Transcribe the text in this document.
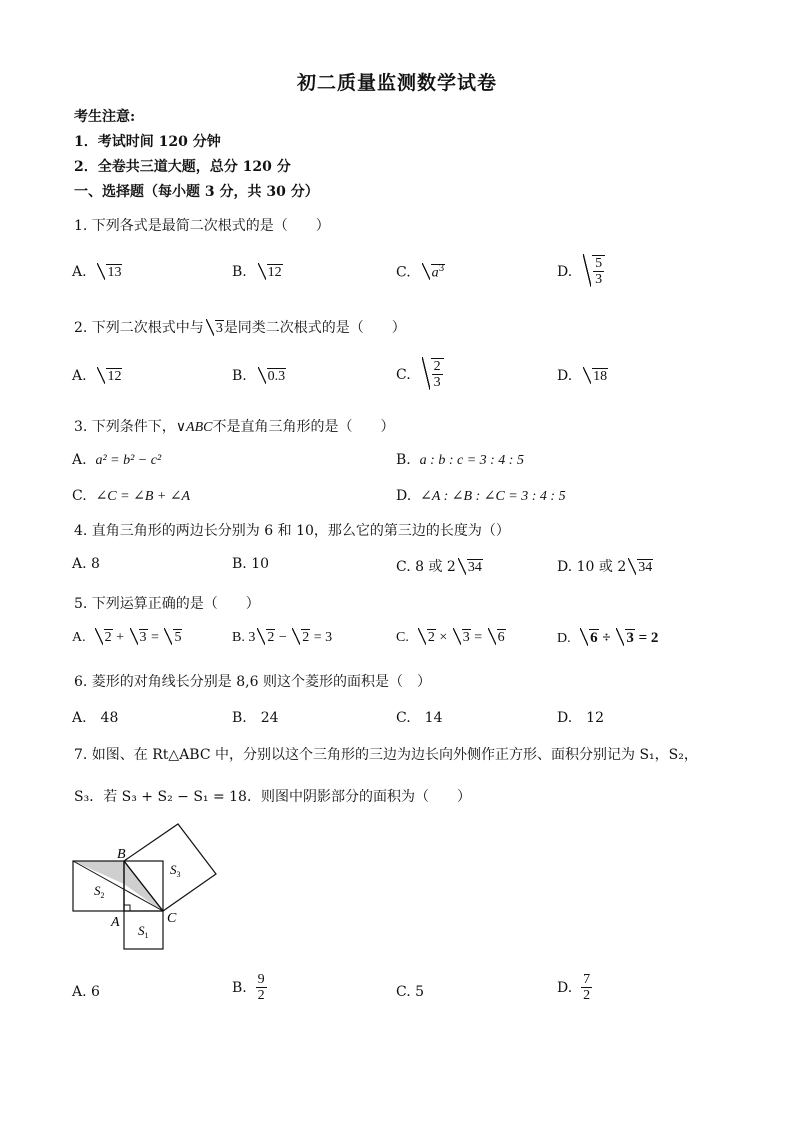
初二质量监测数学试卷
考生注意:
1．考试时间 120 分钟
2．全卷共三道大题，总分 120 分
一、选择题（每小题 3 分，共 30 分）
1. 下列各式是最简二次根式的是（　　）
A. 13	B. 12	C. $a^3$	D. $\frac{5}{3}$
2. 下列二次根式中与 3是同类二次根式的是（　　）
A. 12	B. 0.3	C. $\frac{2}{3}$	D. 18
3. 下列条件下，∨ABC不是直角三角形的是（　　）
A. a² = b² − c²	B. a : b : c = 3 : 4 : 5
C. ∠C = ∠B + ∠A	D. ∠A : ∠B : ∠C = 3 : 4 : 5
4. 直角三角形的两边长分别为 6 和 10，那么它的第三边的长度为（）
A. 8	B. 10	C. 8 或 2 34	D. 10 或 2 34
5. 下列运算正确的是（　　）
A. 2 + 3 = 5	B. 3 2 − 2 = 3	C. 2 × 3 = 6	D. 6 ÷ 3 = 2
6. 菱形的对角线长分别是 8,6 则这个菱形的面积是（　）
A.　48	B.　24	C.　14	D.　12
7. 如图、在 Rt△ABC 中，分别以这个三角形的三边为边长向外侧作正方形、面积分别记为 S₁，S₂，
S₃．若 S₃ + S₂ − S₁ = 18．则图中阴影部分的面积为（　　）
B
A	C
$S_2$
$S_1$
$S_3$
A. 6	B. $\frac{9}{2}$	C. 5	D. $\frac{7}{2}$
